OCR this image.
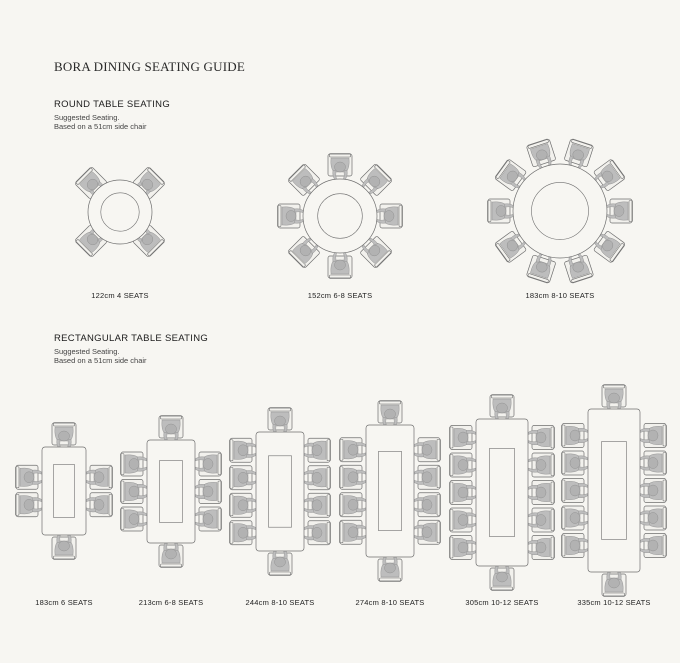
BORA DINING SEATING GUIDE
ROUND TABLE SEATING
Suggested Seating.
Based on a 51cm side chair
RECTANGULAR TABLE SEATING
Suggested Seating.
Based on a 51cm side chair
122cm 4 SEATS	152cm 6-8 SEATS	183cm 8-10 SEATS
183cm 6 SEATS	213cm 6-8 SEATS	244cm 8-10 SEATS	274cm 8-10 SEATS	305cm 10-12 SEATS	335cm 10-12 SEATS
